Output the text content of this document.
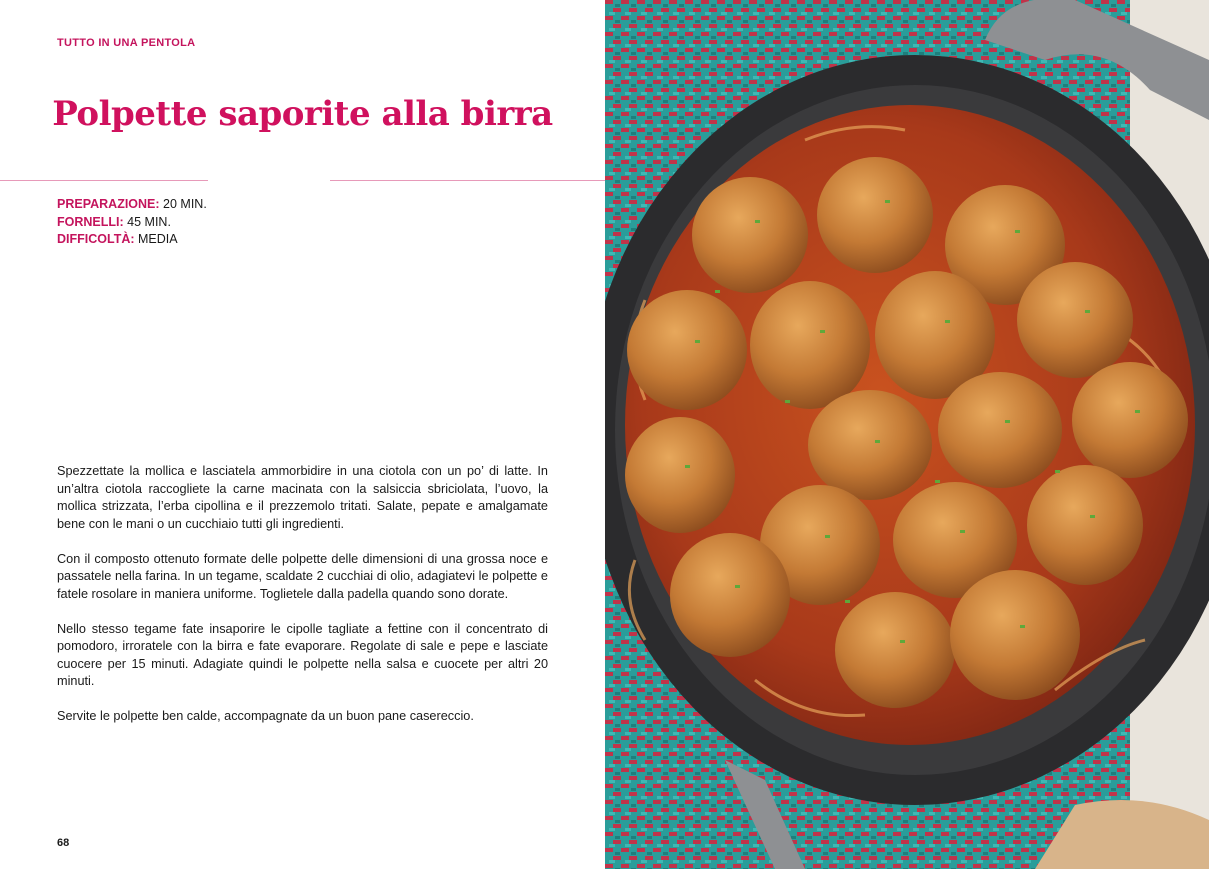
TUTTO IN UNA PENTOLA
Polpette saporite alla birra
PREPARAZIONE: 20 MIN.
FORNELLI: 45 MIN.
DIFFICOLTÀ: MEDIA

Spezzettate la mollica e lasciatela ammorbidire in una ciotola con un po’ di latte. In un’altra ciotola raccogliete la carne macinata con la salsiccia sbriciolata, l’uovo, la mollica strizzata, l’erba cipollina e il prezzemolo tritati. Salate, pepate e amalgamate bene con le mani o un cucchiaio tutti gli ingredienti.

Con il composto ottenuto formate delle polpette delle dimensioni di una grossa noce e passatele nella farina. In un tegame, scaldate 2 cucchiai di olio, adagiatevi le polpette e fatele rosolare in maniera uniforme. Toglietele dalla padella quando sono dorate.

Nello stesso tegame fate insaporire le cipolle tagliate a fettine con il concentrato di pomodoro, irroratele con la birra e fate evaporare. Regolate di sale e pepe e lasciate cuocere per 15 minuti. Adagiate quindi le polpette nella salsa e cuocete per altri 20 minuti.

Servite le polpette ben calde, accompagnate da un buon pane casereccio.

68
